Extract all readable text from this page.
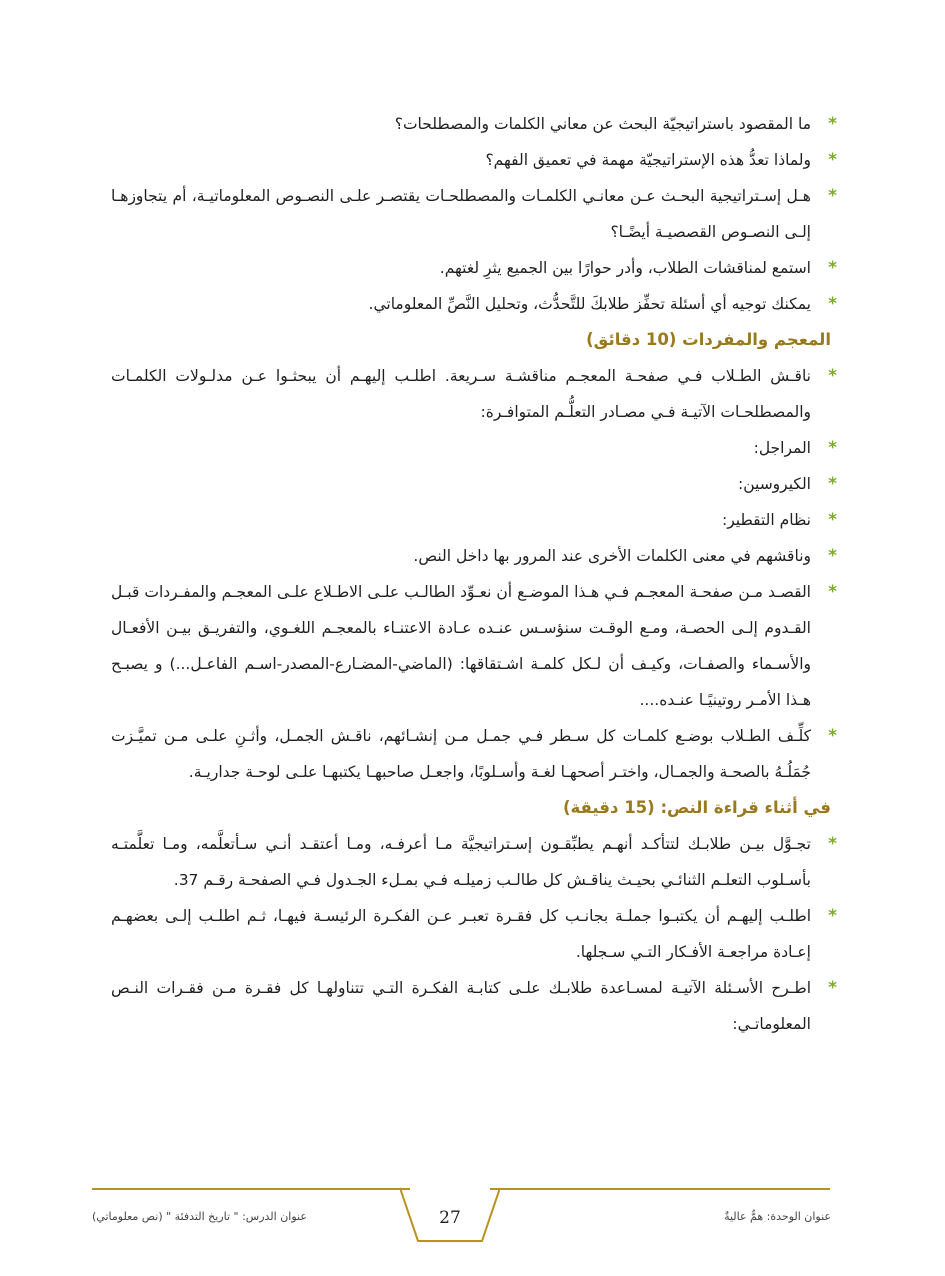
*
ما المقصود باستراتيجيّة البحث عن معاني الكلمات والمصطلحات؟
*
ولماذا تعدُّ هذه الإستراتيجيّة مهمة في تعميق الفهم؟
*
هـل إسـتراتيجية البحـث عـن معانـي الكلمـات والمصطلحـات يقتصـر علـى النصـوص المعلوماتيـة، أم يتجاوزهـا إلـى النصـوص القصصيـة أيضًـا؟
*
استمع لمناقشات الطلاب، وأدر حوارًا بين الجميع يثرِ لغتهم.
*
يمكنك توجيه أي أسئلة تحفِّز طلابكَ للتَّحدُّث، وتحليل النَّصِّ المعلوماتي.
المعجم والمفردات (10 دقائق)
*
ناقـش الطـلاب فـي صفحـة المعجـم مناقشـة سـريعة. اطلـب إليهـم أن يبحثـوا عـن مدلـولات الكلمـات والمصطلحـات الآتيـة فـي مصـادر التعلُّـم المتوافـرة:
*
المراجل:
*
الكيروسين:
*
نظام التقطير:
*
وناقشهم في معنى الكلمات الأخرى عند المرور بها داخل النص.
*
القصـد مـن صفحـة المعجـم فـي هـذا الموضـع أن نعـوِّد الطالـب علـى الاطـلاع علـى المعجـم والمفـردات قبـل القـدوم إلـى الحصـة، ومـع الوقـت سنؤسـس عنـده عـادة الاعتنـاء بالمعجـم اللغـوي، والتفريـق بيـن الأفعـال والأسـماء والصفـات، وكيـف أن لـكل كلمـة اشـتقاقها: (الماضي-المضـارع-المصدر-اسـم الفاعـل...) و يصبـح هـذا الأمـر روتينيًـا عنـده....
*
كلِّـف الطـلاب بوضـع كلمـات كل سـطر فـي جمـل مـن إنشـائهم، ناقـش الجمـل، وأثـنِ علـى مـن تميَّـزت جُمَلُـهُ بالصحـة والجمـال، واختـر أصحهـا لغـة وأسـلوبًا، واجعـل صاحبهـا يكتبهـا علـى لوحـة جداريـة.
في أثناء قراءة النص: (15 دقيقة)
*
تجـوَّل بيـن طلابـك لتتأكـد أنهـم يطبِّقـون إسـتراتيجيَّة مـا أعرفـه، ومـا أعتقـد أنـي سـأتعلَّمه، ومـا تعلَّمتـه بأسـلوب التعلـم الثنائـي بحيـث يناقـش كل طالـب زميلـه فـي بمـلء الجـدول فـي الصفحـة رقـم 37.
*
اطلـب إليهـم أن يكتبـوا جملـة بجانـب كل فقـرة تعبـر عـن الفكـرة الرئيسـة فيهـا، ثـم اطلـب إلـى بعضهـم إعـادة مراجعـة الأفـكار التـي سـجلها.
*
اطـرح الأسـئلة الآتيـة لمسـاعدة طلابـك علـى كتابـة الفكـرة التـي تتناولهـا كل فقـرة مـن فقـرات النـص المعلوماتـي:
27
عنوان الدرس: " تاريخ التدفئة " (نص معلوماتي)	عنوان الوحدة: همٌّ عاليةٌ
